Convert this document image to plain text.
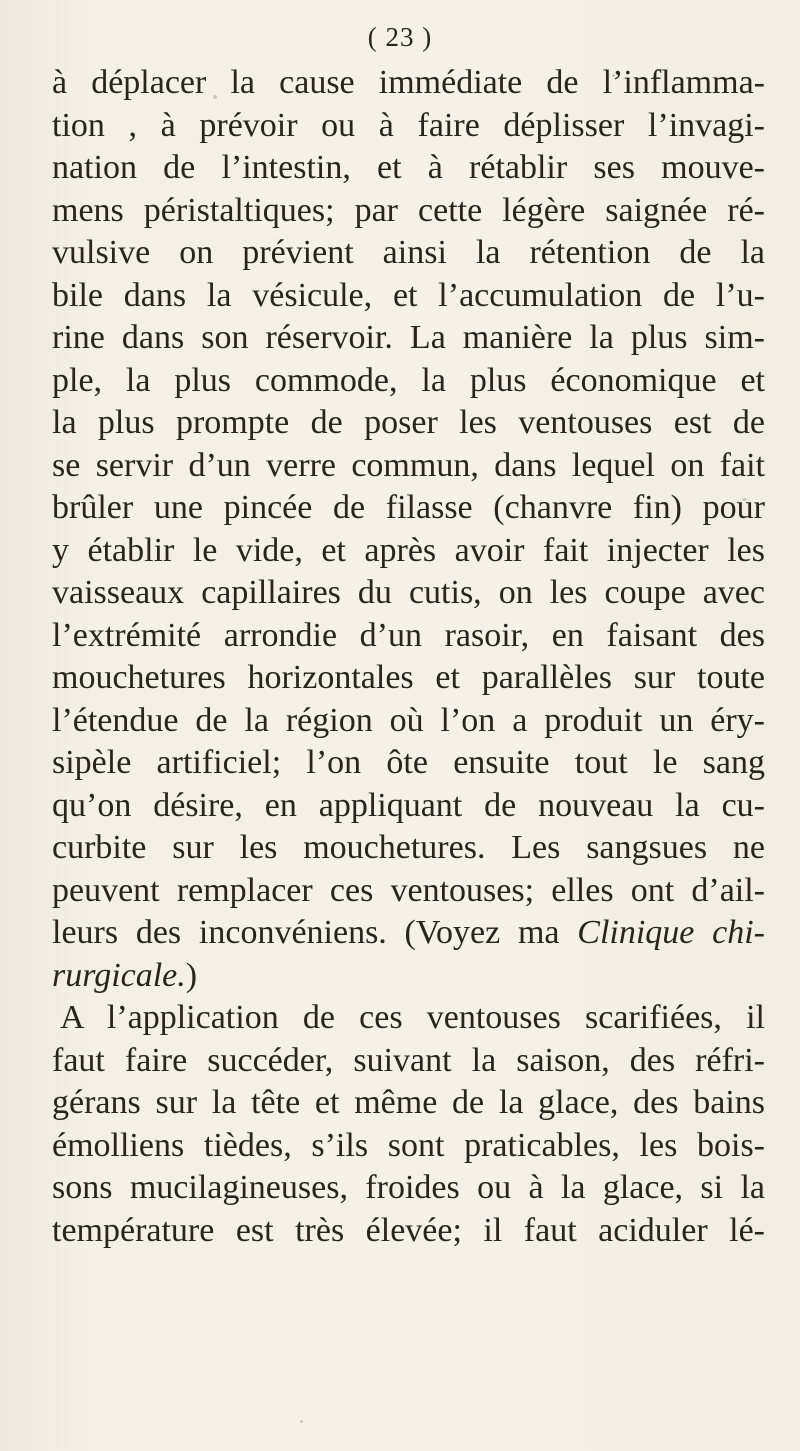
( 23 )
à déplacer la cause immédiate de l’inflamma-
tion , à prévoir ou à faire déplisser l’invagi-
nation de l’intestin, et à rétablir ses mouve-
mens péristaltiques; par cette légère saignée ré-
vulsive on prévient ainsi la rétention de la
bile dans la vésicule, et l’accumulation de l’u-
rine dans son réservoir. La manière la plus sim-
ple, la plus commode, la plus économique et
la plus prompte de poser les ventouses est de
se servir d’un verre commun, dans lequel on fait
brûler une pincée de filasse (chanvre fin) pour
y établir le vide, et après avoir fait injecter les
vaisseaux capillaires du cutis, on les coupe avec
l’extrémité arrondie d’un rasoir, en faisant des
mouchetures horizontales et parallèles sur toute
l’étendue de la région où l’on a produit un éry-
sipèle artificiel; l’on ôte ensuite tout le sang
qu’on désire, en appliquant de nouveau la cu-
curbite sur les mouchetures. Les sangsues ne
peuvent remplacer ces ventouses; elles ont d’ail-
leurs des inconvéniens. (Voyez ma Clinique chi-
rurgicale.)
A l’application de ces ventouses scarifiées, il
faut faire succéder, suivant la saison, des réfri-
gérans sur la tête et même de la glace, des bains
émolliens tièdes, s’ils sont praticables, les bois-
sons mucilagineuses, froides ou à la glace, si la
température est très élevée; il faut aciduler lé-
